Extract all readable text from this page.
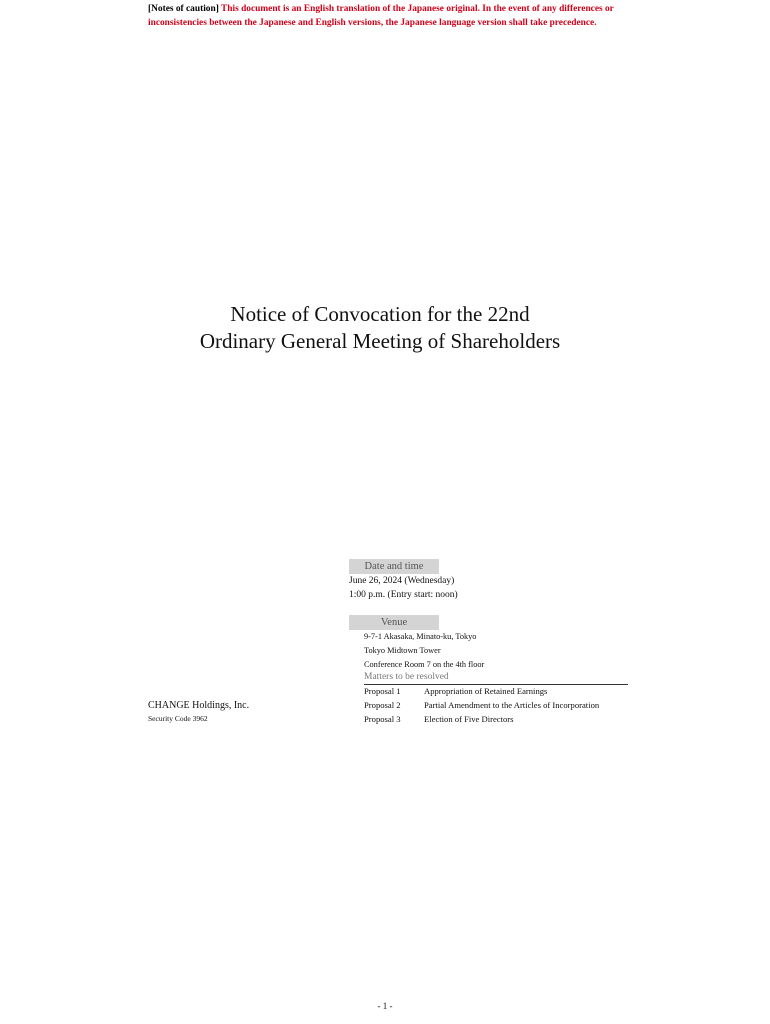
[Notes of caution] This document is an English translation of the Japanese original. In the event of any differences or inconsistencies between the Japanese and English versions, the Japanese language version shall take precedence.
Notice of Convocation for the 22nd
Ordinary General Meeting of Shareholders
Date and time
June 26, 2024 (Wednesday)
1:00 p.m. (Entry start: noon)
Venue
9-7-1 Akasaka, Minato-ku, Tokyo
Tokyo Midtown Tower
Conference Room 7 on the 4th floor
Matters to be resolved
Proposal 1	Appropriation of Retained Earnings
Proposal 2	Partial Amendment to the Articles of Incorporation
Proposal 3	Election of Five Directors
CHANGE Holdings, Inc.
Security Code 3962
- 1 -
